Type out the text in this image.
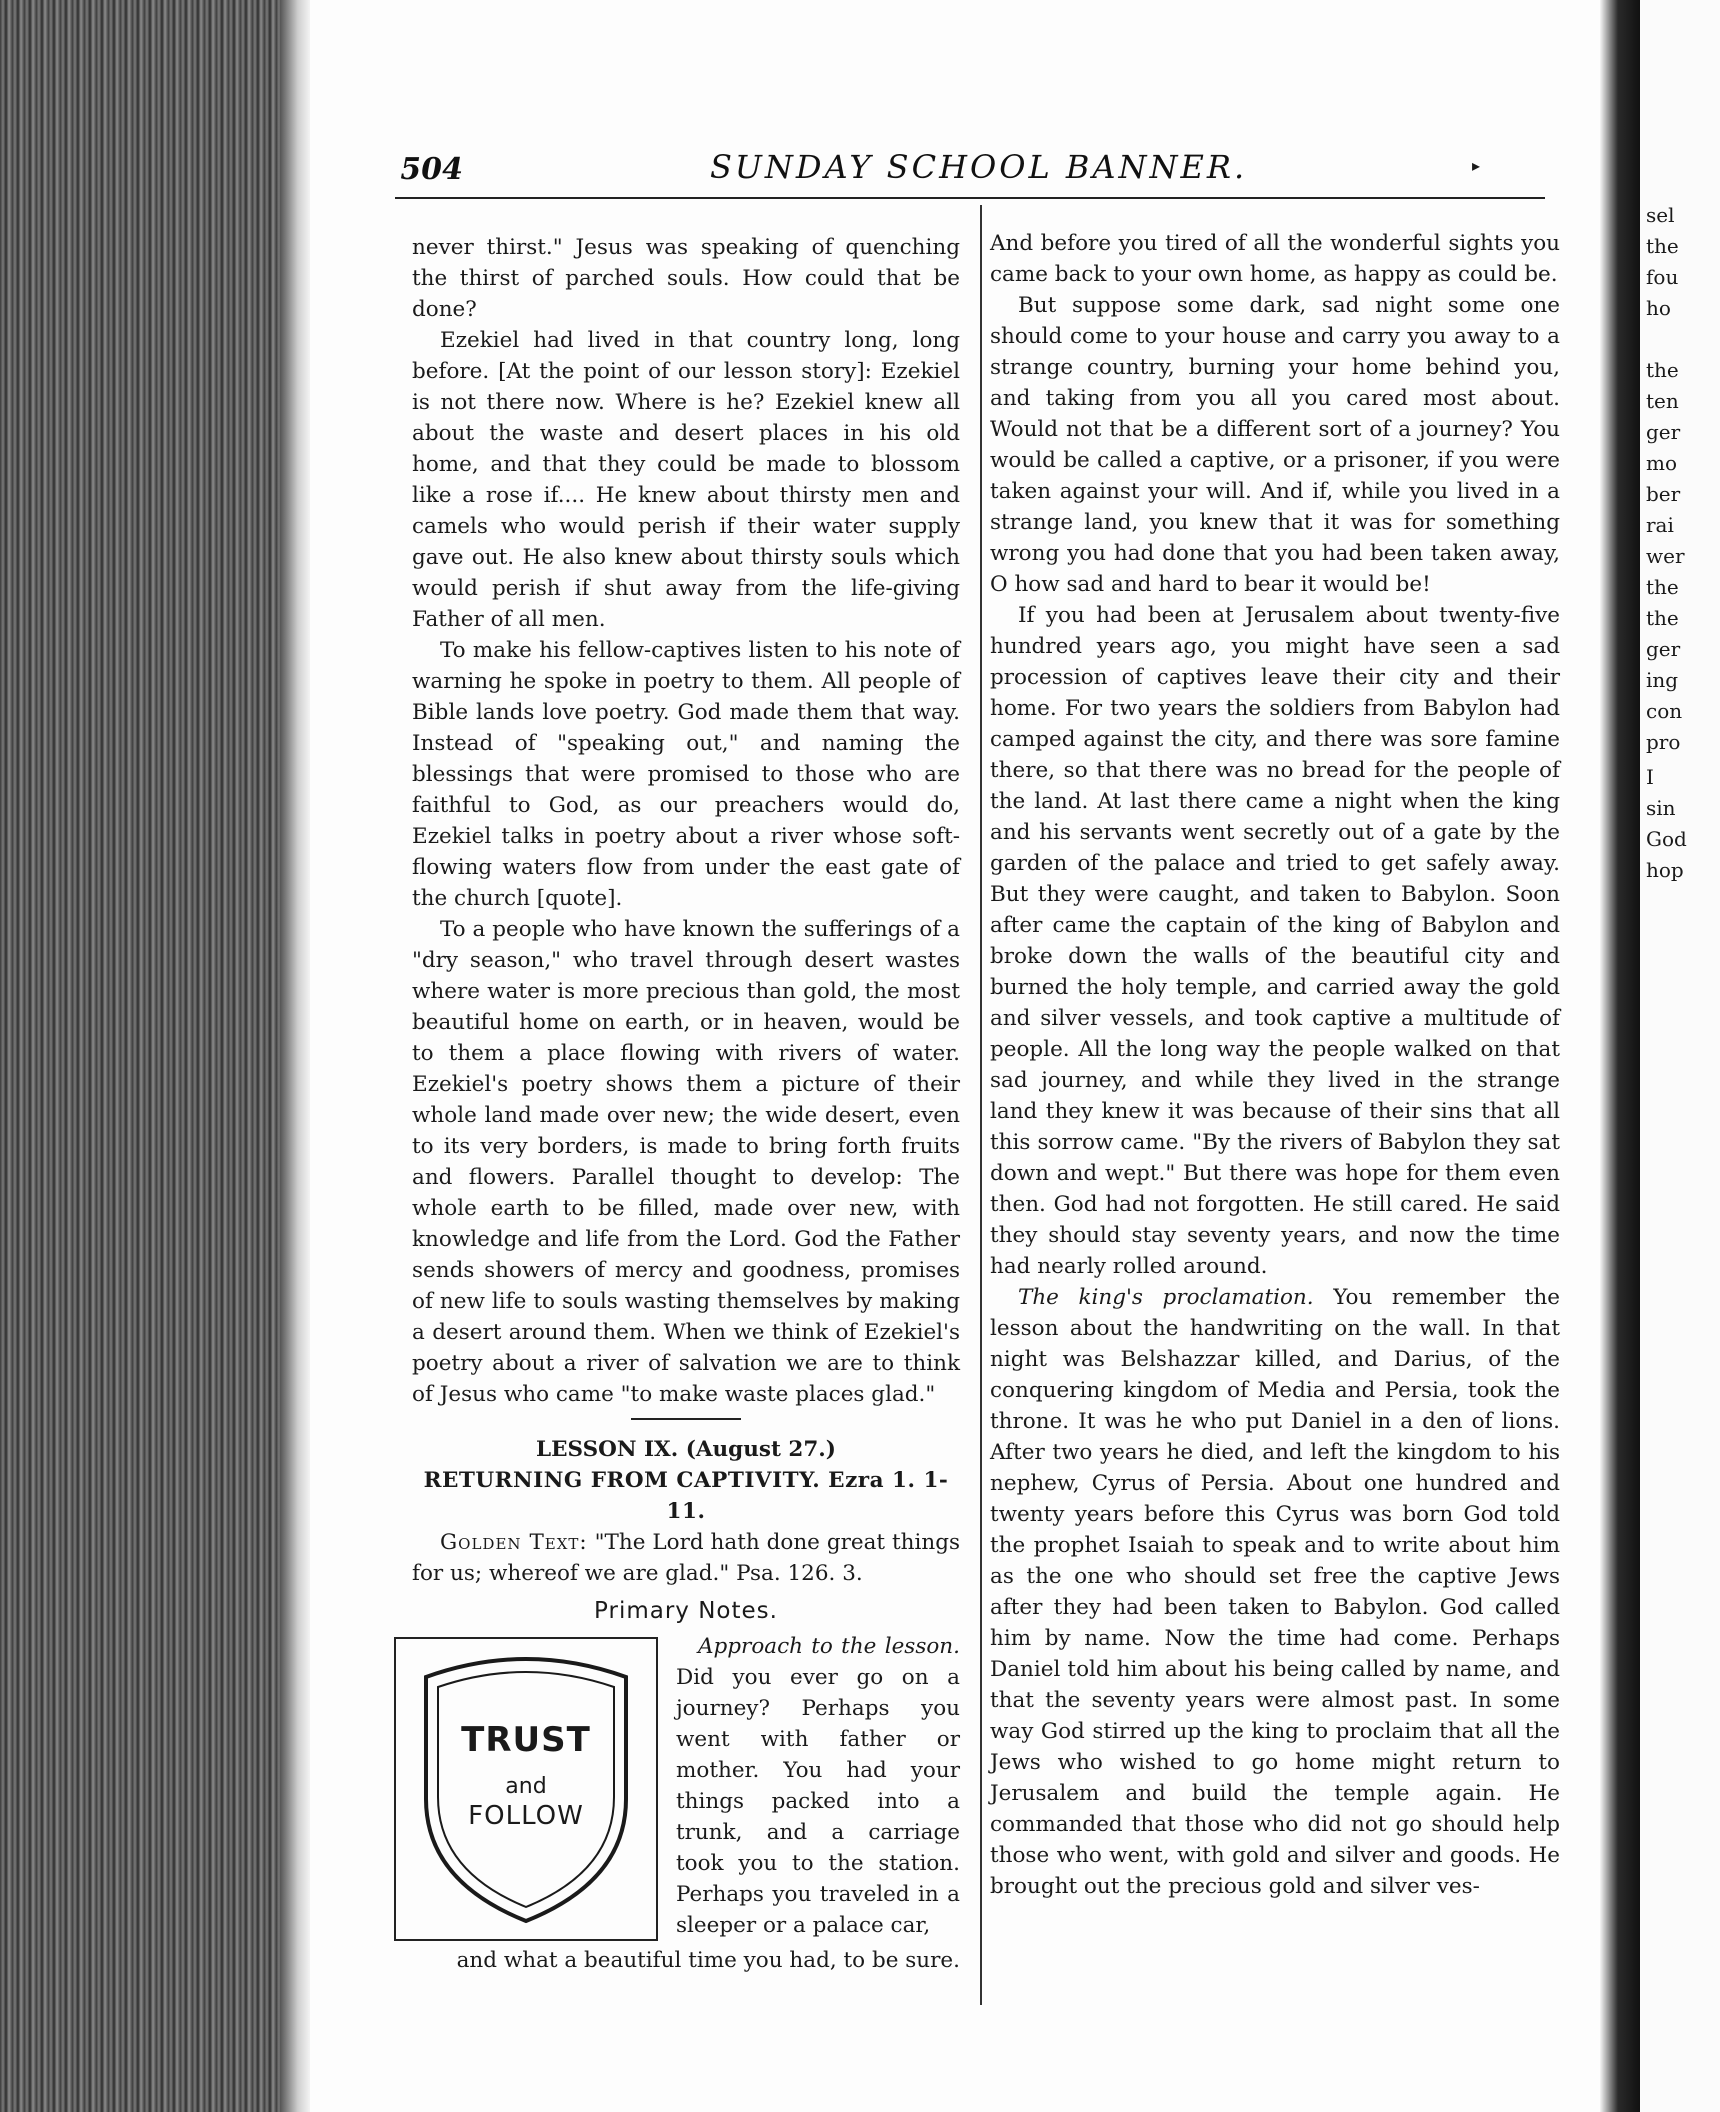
sel
the
fou
ho
the
ten
ger
mo
ber
rai
wer
the
the
ger
ing
con
pro
I
sin
God
hop
504	SUNDAY SCHOOL BANNER.	▸

never thirst." Jesus was speaking of quenching the thirst of parched souls. How could that be done?

Ezekiel had lived in that country long, long before. [At the point of our lesson story]: Ezekiel is not there now. Where is he? Ezekiel knew all about the waste and desert places in his old home, and that they could be made to blossom like a rose if.... He knew about thirsty men and camels who would perish if their water supply gave out. He also knew about thirsty souls which would perish if shut away from the life-giving Father of all men.

To make his fellow-captives listen to his note of warning he spoke in poetry to them. All people of Bible lands love poetry. God made them that way. Instead of "speaking out," and naming the blessings that were promised to those who are faithful to God, as our preachers would do, Ezekiel talks in poetry about a river whose soft-flowing waters flow from under the east gate of the church [quote].

To a people who have known the sufferings of a "dry season," who travel through desert wastes where water is more precious than gold, the most beautiful home on earth, or in heaven, would be to them a place flowing with rivers of water. Ezekiel's poetry shows them a picture of their whole land made over new; the wide desert, even to its very borders, is made to bring forth fruits and flowers. Parallel thought to develop: The whole earth to be filled, made over new, with knowledge and life from the Lord. God the Father sends showers of mercy and goodness, promises of new life to souls wasting themselves by making a desert around them. When we think of Ezekiel's poetry about a river of salvation we are to think of Jesus who came "to make waste places glad."

LESSON IX. (August 27.)
RETURNING FROM CAPTIVITY. Ezra 1. 1-11.

Golden Text: "The Lord hath done great things for us; whereof we are glad." Psa. 126. 3.

Primary Notes.
TRUST
and
FOLLOW

Approach to the lesson. Did you ever go on a journey? Perhaps you went with father or mother. You had your things packed into a trunk, and a carriage took you to the station. Perhaps you traveled in a sleeper or a palace car,

and what a beautiful time you had, to be sure.

And before you tired of all the wonderful sights you came back to your own home, as happy as could be.

But suppose some dark, sad night some one should come to your house and carry you away to a strange country, burning your home behind you, and taking from you all you cared most about. Would not that be a different sort of a journey? You would be called a captive, or a prisoner, if you were taken against your will. And if, while you lived in a strange land, you knew that it was for something wrong you had done that you had been taken away, O how sad and hard to bear it would be!

If you had been at Jerusalem about twenty-five hundred years ago, you might have seen a sad procession of captives leave their city and their home. For two years the soldiers from Babylon had camped against the city, and there was sore famine there, so that there was no bread for the people of the land. At last there came a night when the king and his servants went secretly out of a gate by the garden of the palace and tried to get safely away. But they were caught, and taken to Babylon. Soon after came the captain of the king of Babylon and broke down the walls of the beautiful city and burned the holy temple, and carried away the gold and silver vessels, and took captive a multitude of people. All the long way the people walked on that sad journey, and while they lived in the strange land they knew it was because of their sins that all this sorrow came. "By the rivers of Babylon they sat down and wept." But there was hope for them even then. God had not forgotten. He still cared. He said they should stay seventy years, and now the time had nearly rolled around.

The king's proclamation. You remember the lesson about the handwriting on the wall. In that night was Belshazzar killed, and Darius, of the conquering kingdom of Media and Persia, took the throne. It was he who put Daniel in a den of lions. After two years he died, and left the kingdom to his nephew, Cyrus of Persia. About one hundred and twenty years before this Cyrus was born God told the prophet Isaiah to speak and to write about him as the one who should set free the captive Jews after they had been taken to Babylon. God called him by name. Now the time had come. Perhaps Daniel told him about his being called by name, and that the seventy years were almost past. In some way God stirred up the king to proclaim that all the Jews who wished to go home might return to Jerusalem and build the temple again. He commanded that those who did not go should help those who went, with gold and silver and goods. He brought out the precious gold and silver ves-
